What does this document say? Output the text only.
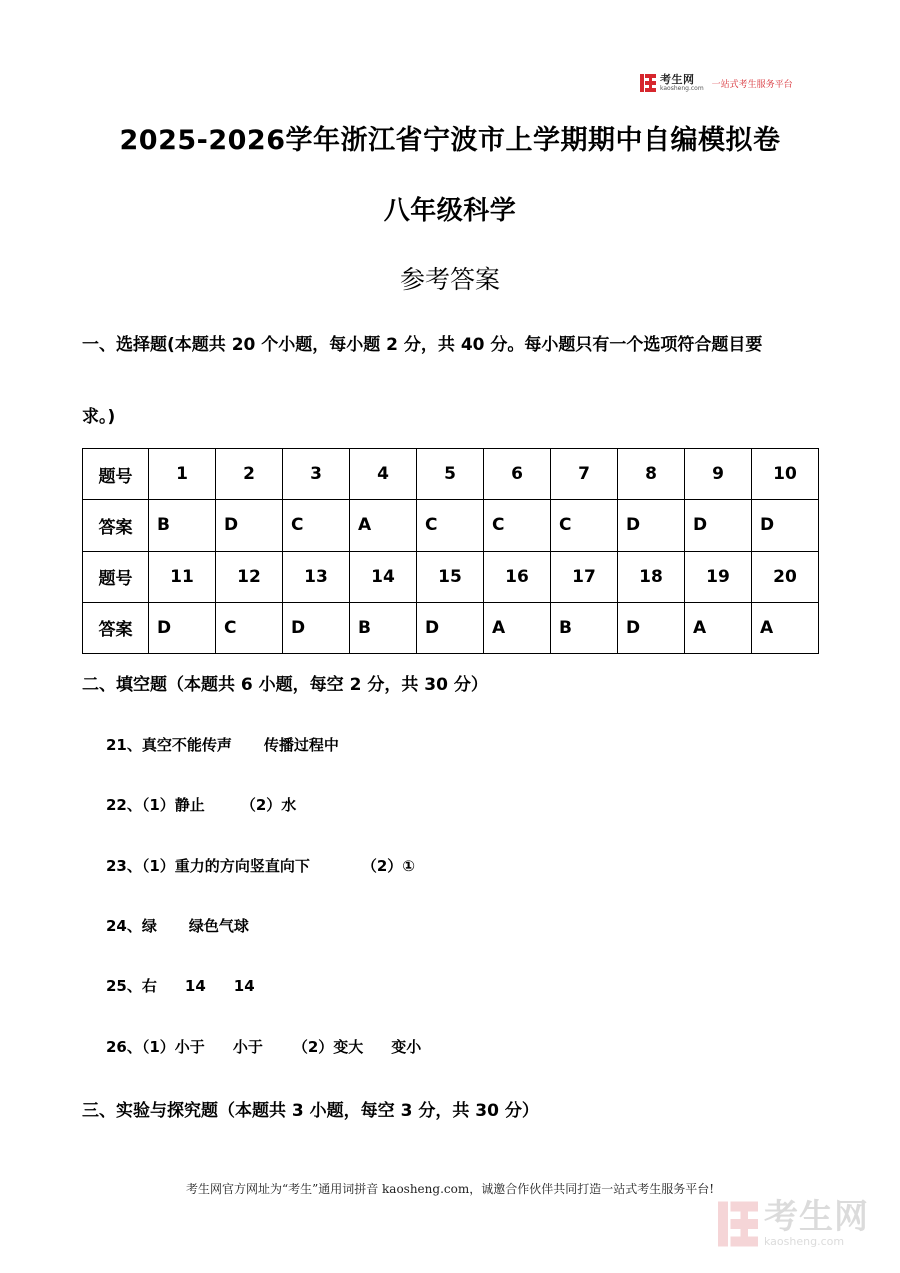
考生网
kaosheng.com 一站式考生服务平台
2025-2026学年浙江省宁波市上学期期中自编模拟卷
八年级科学
参考答案
一、选择题(本题共 20 个小题，每小题 2 分，共 40 分。每小题只有一个选项符合题目要
求。)
题号	1	2	3	4	5	6	7	8	9	10
答案	B	D	C	A	C	C	C	D	D	D
题号	11	12	13	14	15	16	17	18	19	20
答案	D	C	D	B	D	A	B	D	A	A
二、填空题（本题共 6 小题，每空 2 分，共 30 分）
21、真空不能传声 传播过程中
22、（1）静止 （2）水
23、（1）重力的方向竖直向下	（2）①
24、绿 绿色气球
25、右 14 14
26、（1）小于 小于 （2）变大 变小
三、实验与探究题（本题共 3 小题，每空 3 分，共 30 分）
考生网官方网址为“考生”通用词拼音 kaosheng.com，诚邀合作伙伴共同打造一站式考生服务平台!
考生网
kaosheng.com
